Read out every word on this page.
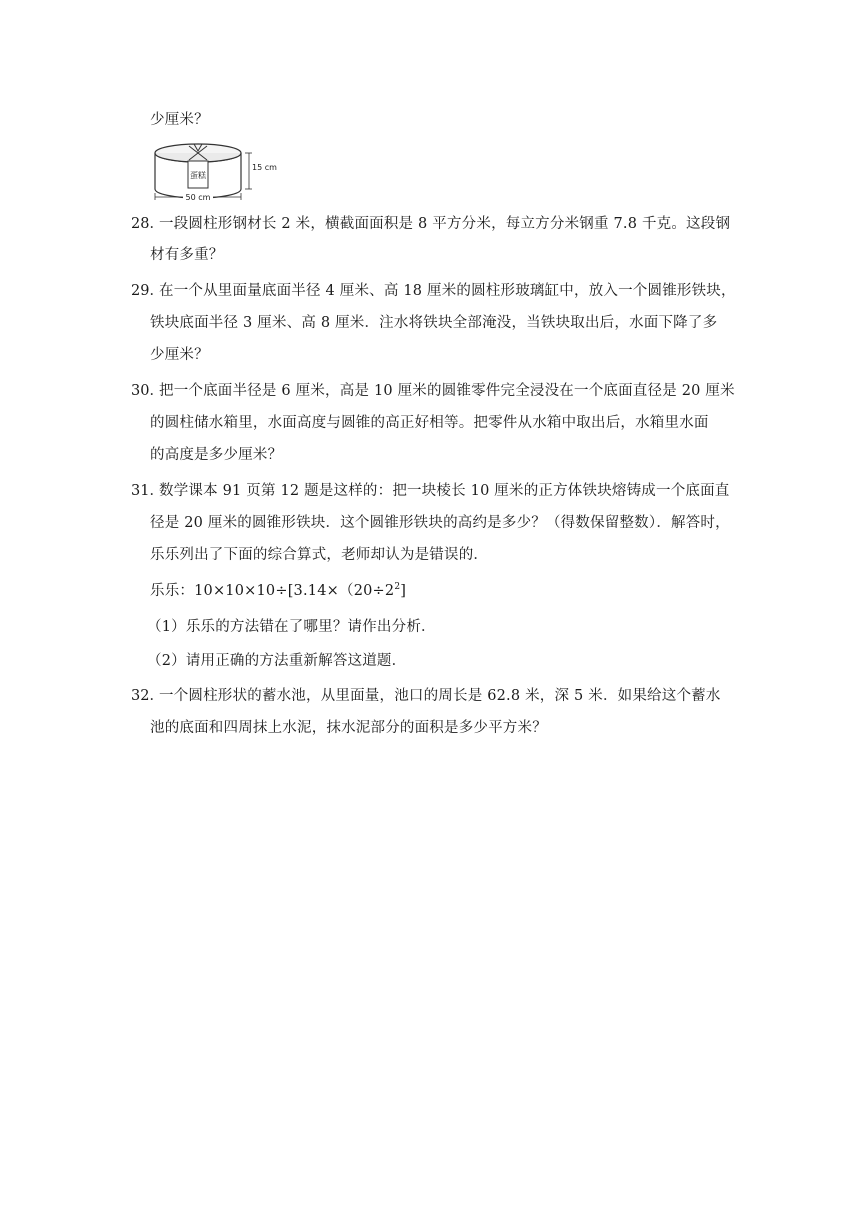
少厘米？
蛋糕
15 cm
50 cm
28．
一段圆柱形钢材长 2 米，横截面面积是 8 平方分米，每立方分米钢重 7.8 千克。这段钢
材有多重？
29．
在一个从里面量底面半径 4 厘米、高 18 厘米的圆柱形玻璃缸中，放入一个圆锥形铁块，
铁块底面半径 3 厘米、高 8 厘米．注水将铁块全部淹没，当铁块取出后，水面下降了多
少厘米？
30．
把一个底面半径是 6 厘米，高是 10 厘米的圆锥零件完全浸没在一个底面直径是 20 厘米
的圆柱储水箱里，水面高度与圆锥的高正好相等。把零件从水箱中取出后，水箱里水面
的高度是多少厘米？
31．
数学课本 91 页第 12 题是这样的：把一块棱长 10 厘米的正方体铁块熔铸成一个底面直
径是 20 厘米的圆锥形铁块．这个圆锥形铁块的高约是多少？（得数保留整数）．解答时，
乐乐列出了下面的综合算式，老师却认为是错误的．
乐乐：$10\times 10\times 10\div[3.14\times(20\div 2^2]$
（1）乐乐的方法错在了哪里？请作出分析．
（2）请用正确的方法重新解答这道题．
32．
一个圆柱形状的蓄水池，从里面量，池口的周长是 62.8 米，深 5 米．如果给这个蓄水
池的底面和四周抹上水泥，抹水泥部分的面积是多少平方米？
